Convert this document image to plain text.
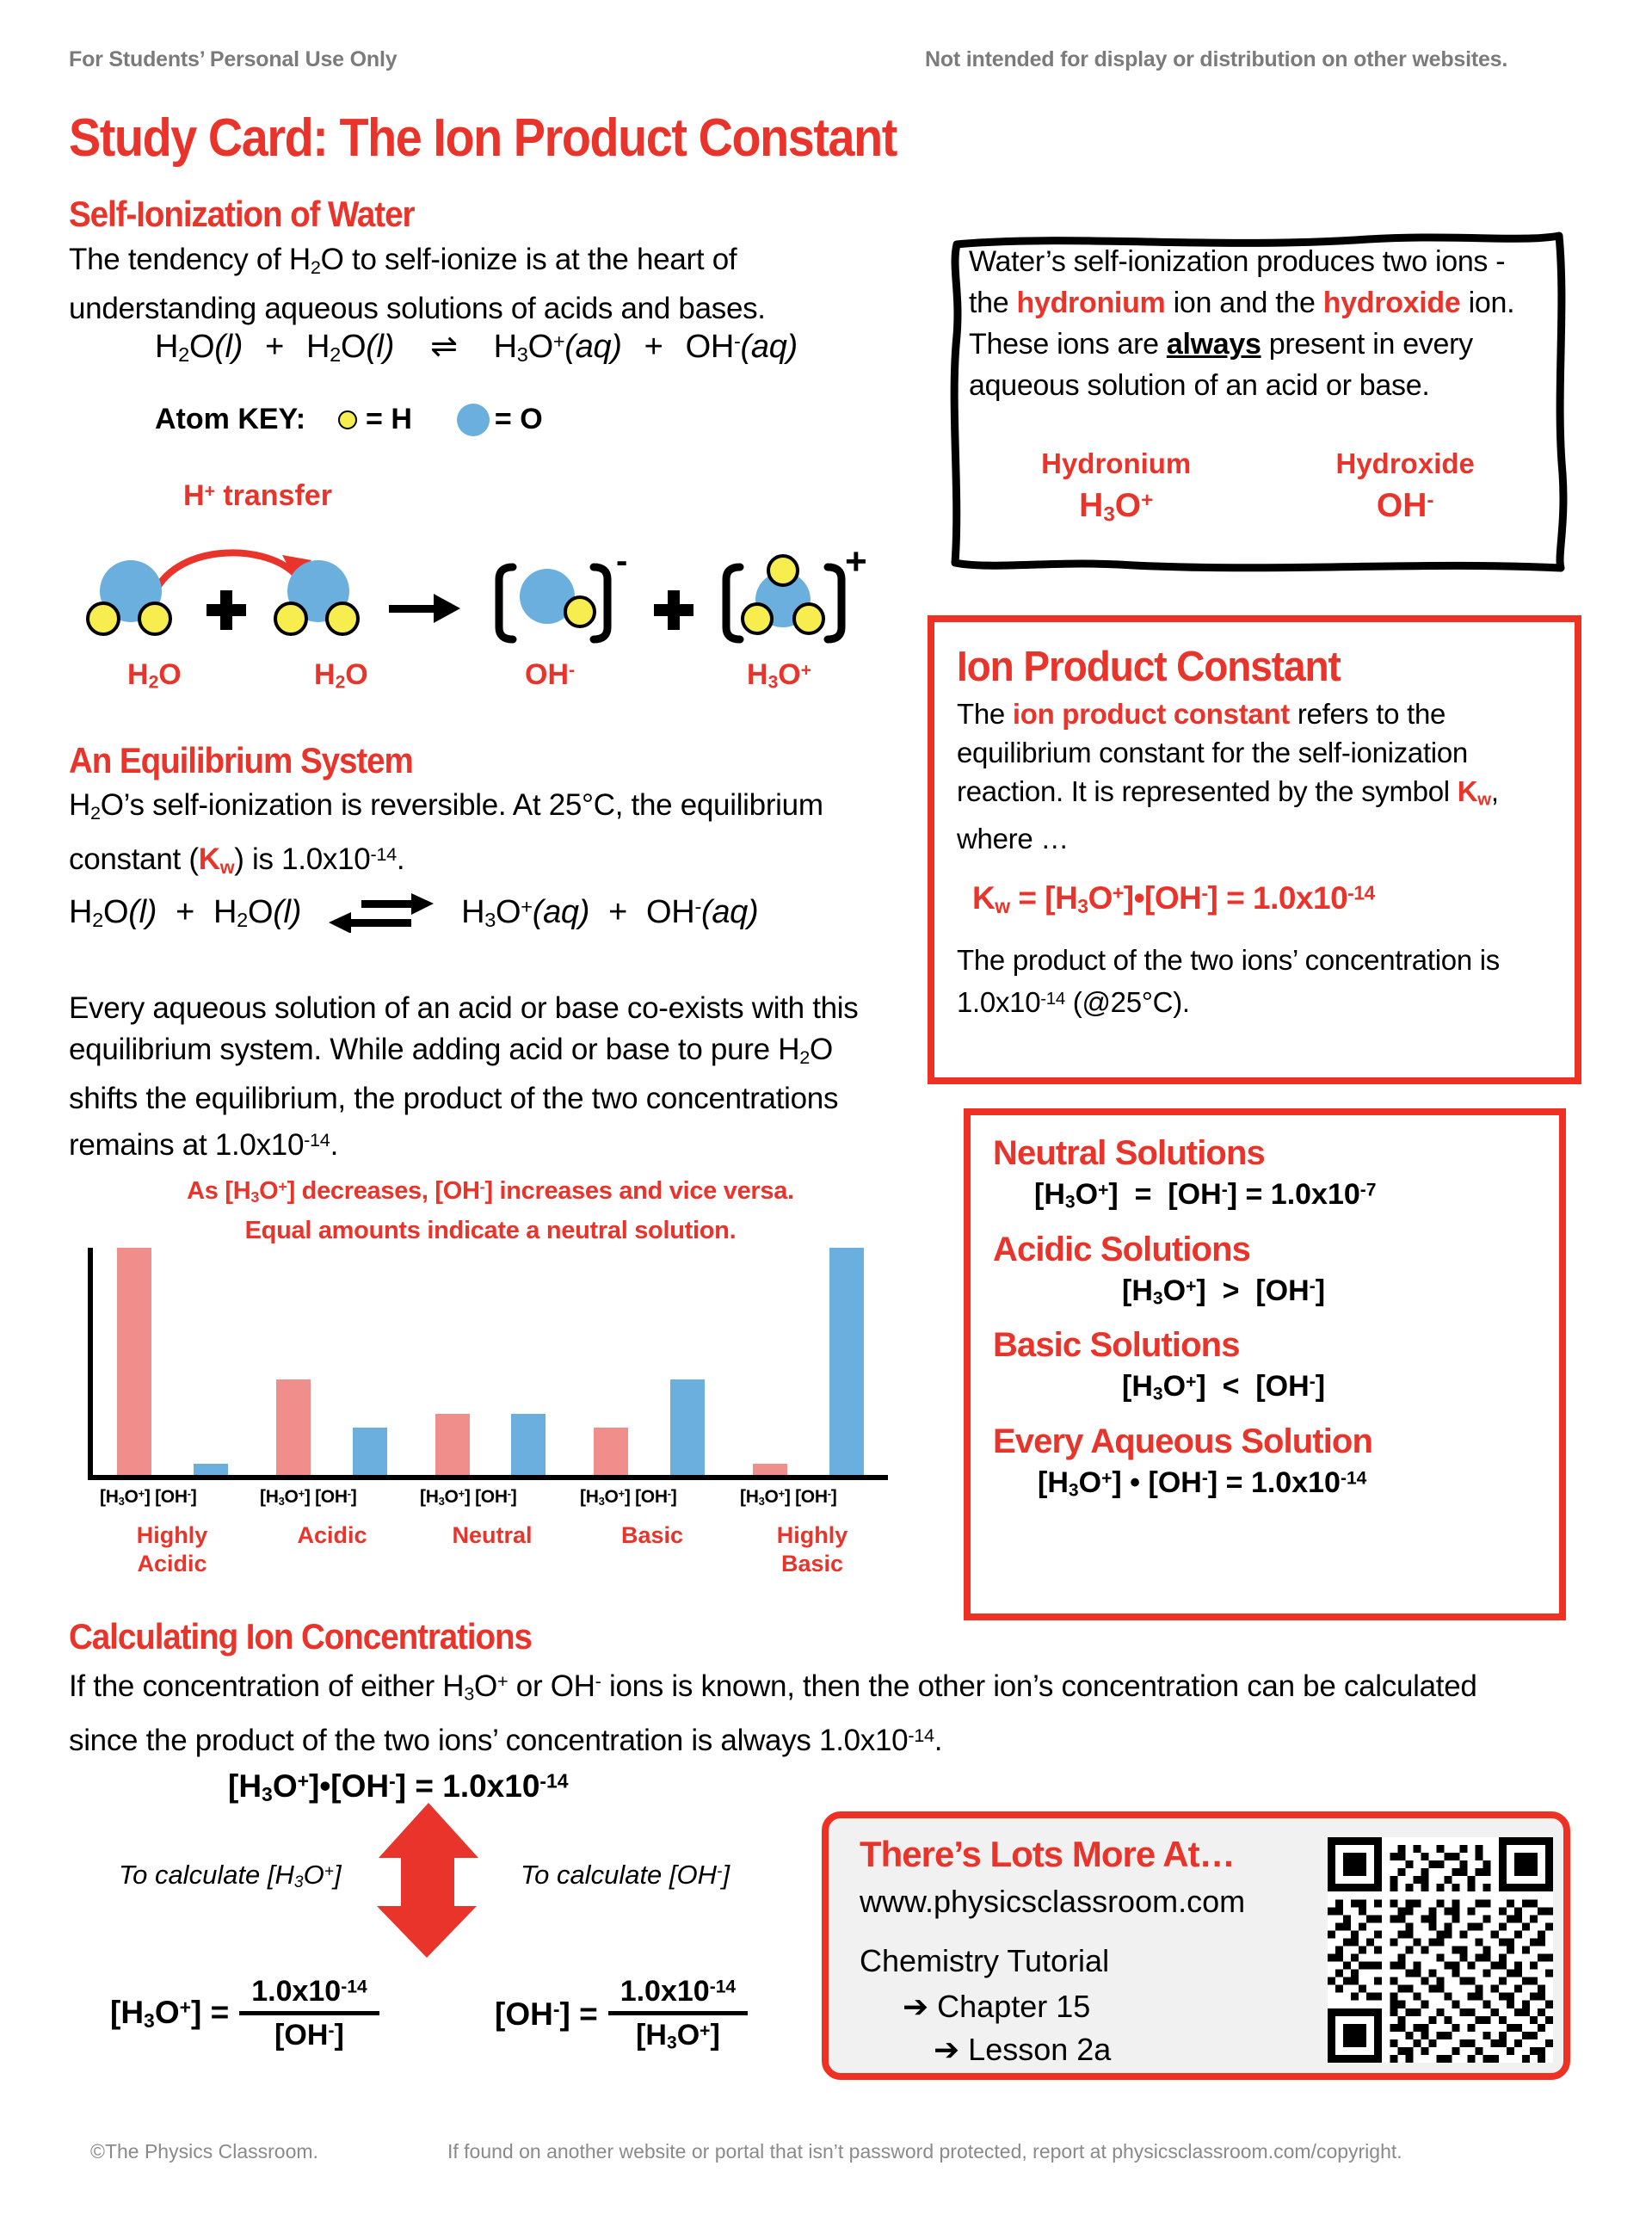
For Students’ Personal Use Only	Not intended for display or distribution on other websites.
Study Card: The Ion Product Constant
Self-Ionization of Water
The tendency of $H_2O$ to self-ionize is at the heart of understanding aqueous solutions of acids and bases.
$H_2O(l) + H_2O(l)$ ⇌ $H_3O^+(aq) + OH^-(aq)$
Atom KEY: = H	= O
H+ transfer
-	+
$H_2O$	$H_2O$	OH-	$H_3O^+$
An Equilibrium System
$H_2O’s$ self-ionization is reversible. At 25°C, the equilibrium constant $(K_w)$ is $1.0x10^{-14}$.
$H_2O(l) + H_2O(l)$	$H_3O^+(aq) + OH^-(aq)$
Every aqueous solution of an acid or base co-exists with this equilibrium system. While adding acid or base to pure $H_2O$ shifts the equilibrium, the product of the two concentrations remains at $1.0x10^{-14}$.
As $[H_3O^+]$ decreases, [OH-] increases and vice versa.
Equal amounts indicate a neutral solution.
$[H_3O^+]$ [OH-]	$[H_3O^+]$ [OH-]	$[H_3O^+]$ [OH-]	$[H_3O^+]$ [OH-]	$[H_3O^+]$ [OH-]
Highly
Acidic
Acidic	Neutral	Basic	Highly
Basic
Calculating Ion Concentrations
If the concentration of either $H_3O^+$ or OH- ions is known, then the other ion’s concentration can be calculated since the product of the two ions’ concentration is always $1.0x10^{-14}$.
$[H_3O^+]•[OH^-] = 1.0x10^{-14}$
To calculate $[H_3O^+]$	To calculate [OH-]
$[H_3O^+] = \frac{1.0x10^{-14}}{[OH^-]}$	$[OH^-] = \frac{1.0x10^{-14}}{[H_3O^+]}$
Water’s self-ionization produces two ions - the hydronium ion and the hydroxide ion. These ions are always present in every aqueous solution of an acid or base.
Hydronium
$H_3O^+$
Hydroxide
OH-
Ion Product Constant
The ion product constant refers to the equilibrium constant for the self-ionization reaction. It is represented by the symbol $K_w$, where …
$K_w$ = $[H_3O^+]•[OH^-] = 1.0x10^{-14}$
The product of the two ions’ concentration is $1.0x10^{-14}$ (@25°C).
Neutral Solutions
$[H_3O^+] = [OH^-] = 1.0x10^{-7}$
Acidic Solutions
$[H_3O^+] > [OH^-]$
Basic Solutions
$[H_3O^+] < [OH^-]$
Every Aqueous Solution
$[H_3O^+]$ • $[OH^-] = 1.0x10^{-14}$
There’s Lots More At…
www.physicsclassroom.com
Chemistry Tutorial
➔ Chapter 15
➔ Lesson 2a
©The Physics Classroom.	If found on another website or portal that isn’t password protected, report at physicsclassroom.com/copyright.
